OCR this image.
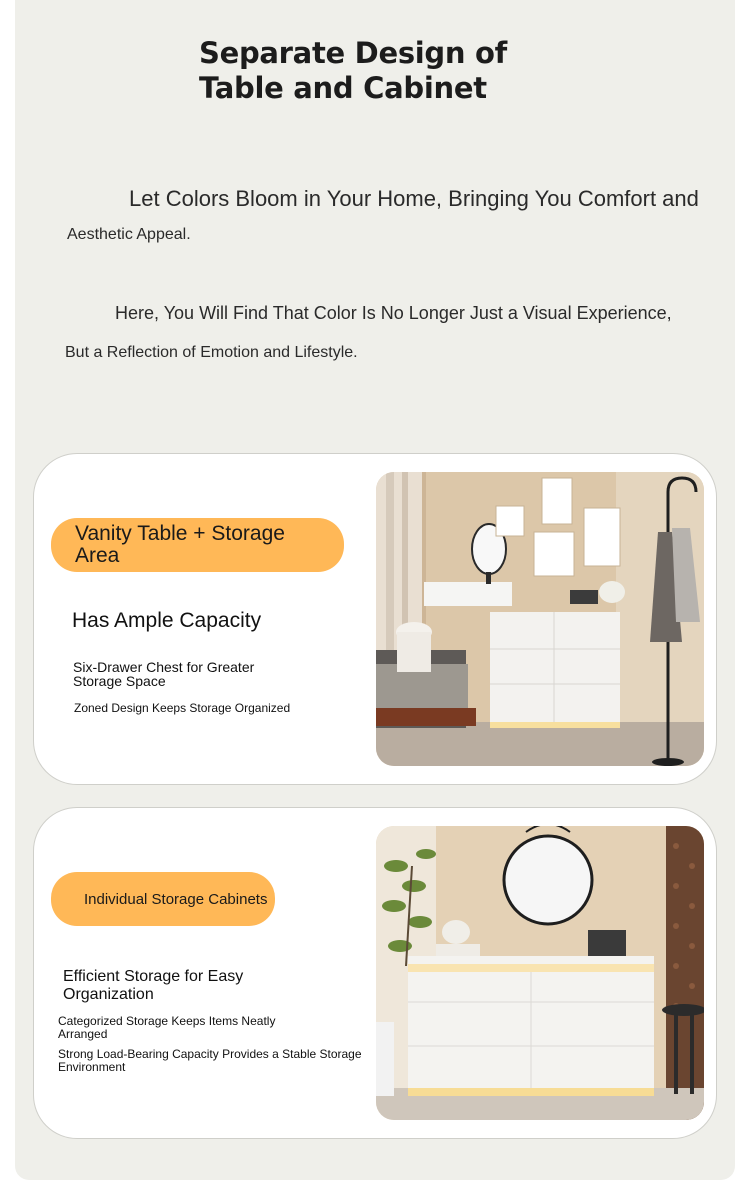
Separate Design of
Table and Cabinet
Let Colors Bloom in Your Home, Bringing You Comfort and
Aesthetic Appeal.
Here, You Will Find That Color Is No Longer Just a Visual Experience,
But a Reflection of Emotion and Lifestyle.
Vanity Table + Storage Area
Has Ample Capacity
Six-Drawer Chest for Greater Storage Space
Zoned Design Keeps Storage Organized
Individual Storage Cabinets
Efficient Storage for Easy Organization
Categorized Storage Keeps Items Neatly Arranged
Strong Load-Bearing Capacity Provides a Stable Storage Environment
